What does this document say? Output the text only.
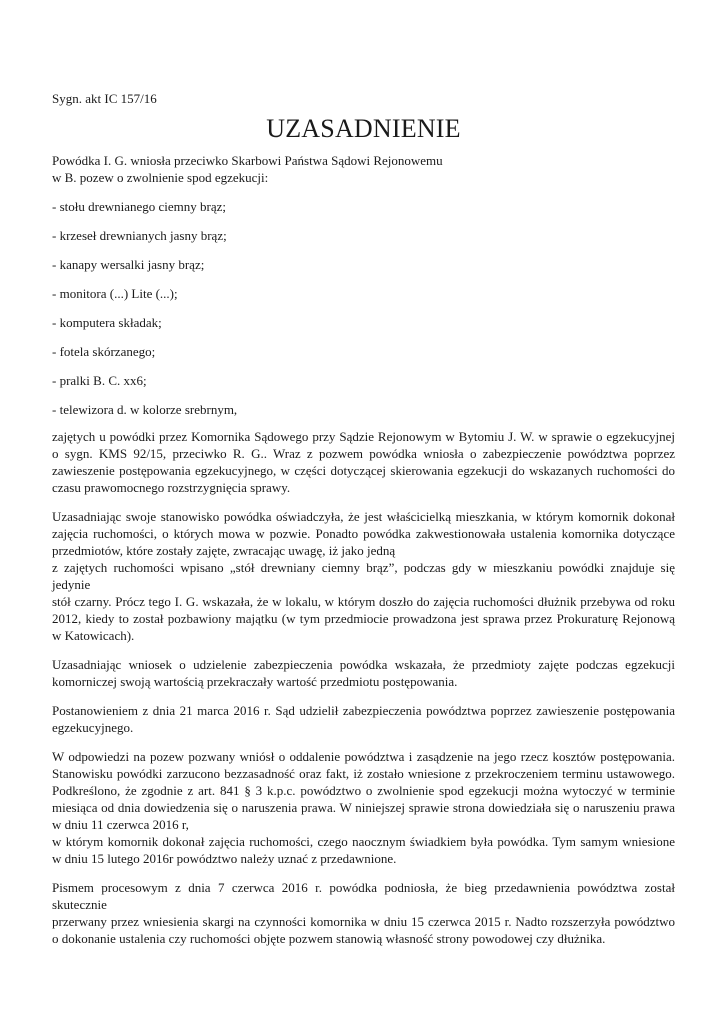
Sygn. akt IC 157/16
UZASADNIENIE
Powódka I. G. wniosła przeciwko Skarbowi Państwa Sądowi Rejonowemu
w B. pozew o zwolnienie spod egzekucji:
- stołu drewnianego ciemny brąz;
- krzeseł drewnianych jasny brąz;
- kanapy wersalki jasny brąz;
- monitora (...) Lite (...);
- komputera składak;
- fotela skórzanego;
- pralki B. C. xx6;
- telewizora d. w kolorze srebrnym,
zajętych u powódki przez Komornika Sądowego przy Sądzie Rejonowym w Bytomiu J. W. w sprawie o egzekucyjnej
o sygn. KMS 92/15, przeciwko R. G.. Wraz z pozwem powódka wniosła o zabezpieczenie powództwa poprzez
zawieszenie postępowania egzekucyjnego, w części dotyczącej skierowania egzekucji do wskazanych ruchomości do
czasu prawomocnego rozstrzygnięcia sprawy.
Uzasadniając swoje stanowisko powódka oświadczyła, że jest właścicielką mieszkania, w którym komornik dokonał
zajęcia ruchomości, o których mowa w pozwie. Ponadto powódka zakwestionowała ustalenia komornika dotyczące
przedmiotów, które zostały zajęte, zwracając uwagę, iż jako jedną
z zajętych ruchomości wpisano „stół drewniany ciemny brąz”, podczas gdy w mieszkaniu powódki znajduje się jedynie
stół czarny. Prócz tego I. G. wskazała, że w lokalu, w którym doszło do zajęcia ruchomości dłużnik przebywa od roku
2012, kiedy to został pozbawiony majątku (w tym przedmiocie prowadzona jest sprawa przez Prokuraturę Rejonową
w Katowicach).
Uzasadniając wniosek o udzielenie zabezpieczenia powódka wskazała, że przedmioty zajęte podczas egzekucji
komorniczej swoją wartością przekraczały wartość przedmiotu postępowania.
Postanowieniem z dnia 21 marca 2016 r. Sąd udzielił zabezpieczenia powództwa poprzez zawieszenie postępowania
egzekucyjnego.
W odpowiedzi na pozew pozwany wniósł o oddalenie powództwa i zasądzenie na jego rzecz kosztów postępowania.
Stanowisku powódki zarzucono bezzasadność oraz fakt, iż zostało wniesione z przekroczeniem terminu ustawowego.
Podkreślono, że zgodnie z art. 841 § 3 k.p.c. powództwo o zwolnienie spod egzekucji można wytoczyć w terminie
miesiąca od dnia dowiedzenia się o naruszenia prawa. W niniejszej sprawie strona dowiedziała się o naruszeniu prawa
w dniu 11 czerwca 2016 r,
w którym komornik dokonał zajęcia ruchomości, czego naocznym świadkiem była powódka. Tym samym wniesione
w dniu 15 lutego 2016r powództwo należy uznać z przedawnione.
Pismem procesowym z dnia 7 czerwca 2016 r. powódka podniosła, że bieg przedawnienia powództwa został skutecznie
przerwany przez wniesienia skargi na czynności komornika w dniu 15 czerwca 2015 r. Nadto rozszerzyła powództwo
o dokonanie ustalenia czy ruchomości objęte pozwem stanowią własność strony powodowej czy dłużnika.
